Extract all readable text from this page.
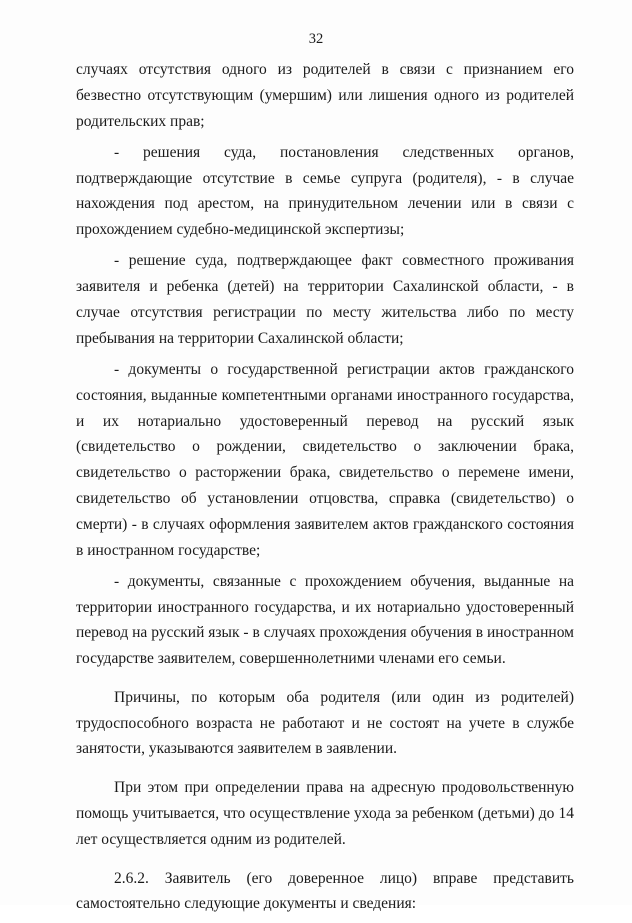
32

случаях отсутствия одного из родителей в связи с признанием его безвестно отсутствующим (умершим) или лишения одного из родителей родительских прав;

- решения суда, постановления следственных органов, подтверждающие отсутствие в семье супруга (родителя), - в случае нахождения под арестом, на принудительном лечении или в связи с прохождением судебно-медицинской экспертизы;

- решение суда, подтверждающее факт совместного проживания заявителя и ребенка (детей) на территории Сахалинской области, - в случае отсутствия регистрации по месту жительства либо по месту пребывания на территории Сахалинской области;

- документы о государственной регистрации актов гражданского состояния, выданные компетентными органами иностранного государства, и их нотариально удостоверенный перевод на русский язык (свидетельство о рождении, свидетельство о заключении брака, свидетельство о расторжении брака, свидетельство о перемене имени, свидетельство об установлении отцовства, справка (свидетельство) о смерти) - в случаях оформления заявителем актов гражданского состояния в иностранном государстве;

- документы, связанные с прохождением обучения, выданные на территории иностранного государства, и их нотариально удостоверенный перевод на русский язык - в случаях прохождения обучения в иностранном государстве заявителем, совершеннолетними членами его семьи.

Причины, по которым оба родителя (или один из родителей) трудоспособного возраста не работают и не состоят на учете в службе занятости, указываются заявителем в заявлении.

При этом при определении права на адресную продовольственную помощь учитывается, что осуществление ухода за ребенком (детьми) до 14 лет осуществляется одним из родителей.

2.6.2. Заявитель (его доверенное лицо) вправе представить самостоятельно следующие документы и сведения:
